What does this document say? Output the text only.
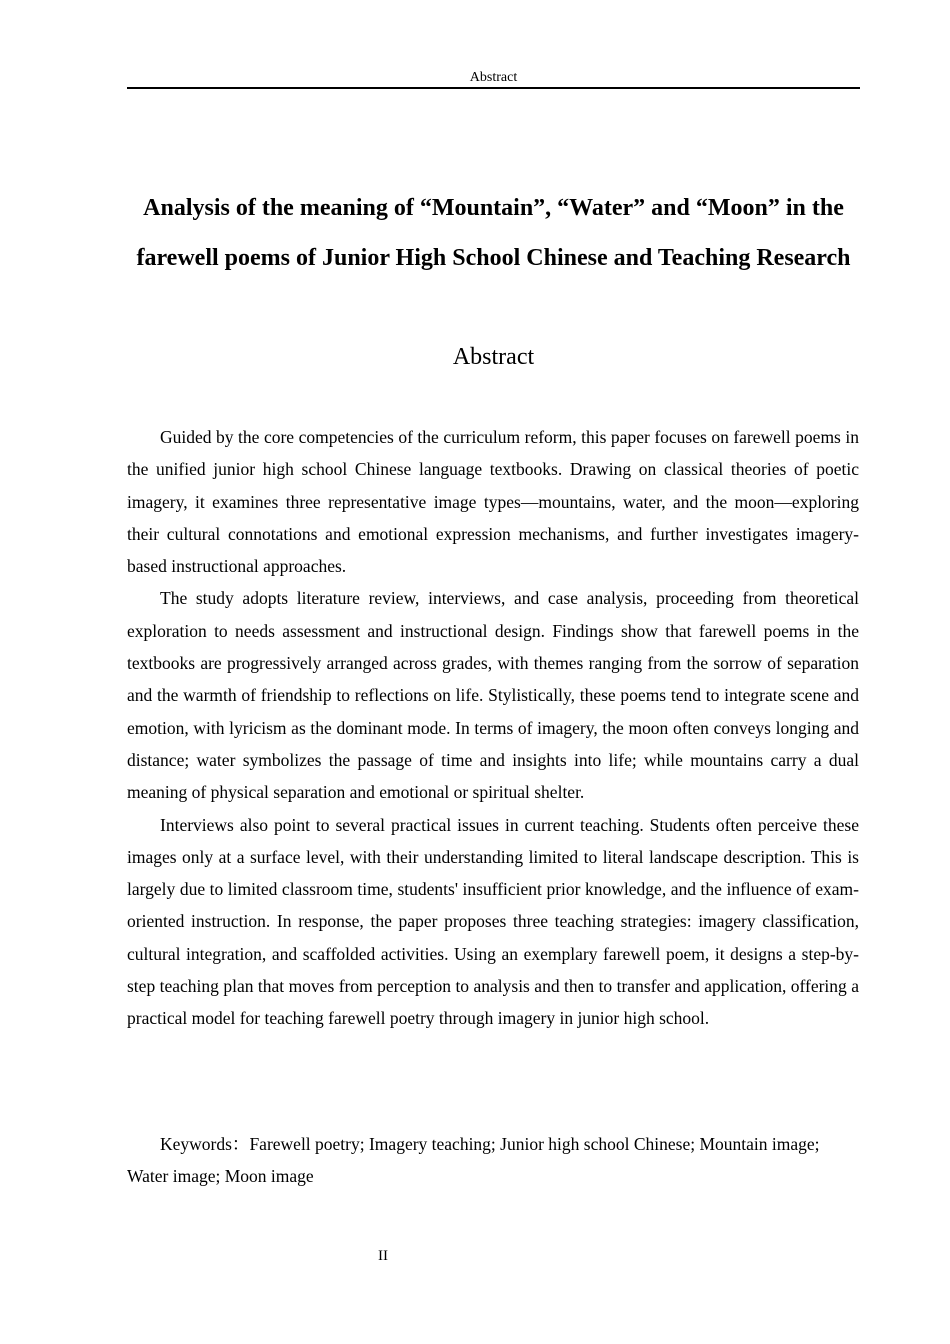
Abstract
Analysis of the meaning of “Mountain”, “Water” and “Moon” in the farewell poems of Junior High School Chinese and Teaching Research
Abstract

Guided by the core competencies of the curriculum reform, this paper focuses on farewell poems in the unified junior high school Chinese language textbooks. Drawing on classical theories of poetic imagery, it examines three representative image types—mountains, water, and the moon—exploring their cultural connotations and emotional expression mechanisms, and further investigates imagery-based instructional approaches.

The study adopts literature review, interviews, and case analysis, proceeding from theoretical exploration to needs assessment and instructional design. Findings show that farewell poems in the textbooks are progressively arranged across grades, with themes ranging from the sorrow of separation and the warmth of friendship to reflections on life. Stylistically, these poems tend to integrate scene and emotion, with lyricism as the dominant mode. In terms of imagery, the moon often conveys longing and distance; water symbolizes the passage of time and insights into life; while mountains carry a dual meaning of physical separation and emotional or spiritual shelter.

Interviews also point to several practical issues in current teaching. Students often perceive these images only at a surface level, with their understanding limited to literal landscape description. This is largely due to limited classroom time, students' insufficient prior knowledge, and the influence of exam-oriented instruction. In response, the paper proposes three teaching strategies: imagery classification, cultural integration, and scaffolded activities. Using an exemplary farewell poem, it designs a step-by-step teaching plan that moves from perception to analysis and then to transfer and application, offering a practical model for teaching farewell poetry through imagery in junior high school.

Keywords：Farewell poetry; Imagery teaching; Junior high school Chinese; Mountain image; Water image; Moon image

II
